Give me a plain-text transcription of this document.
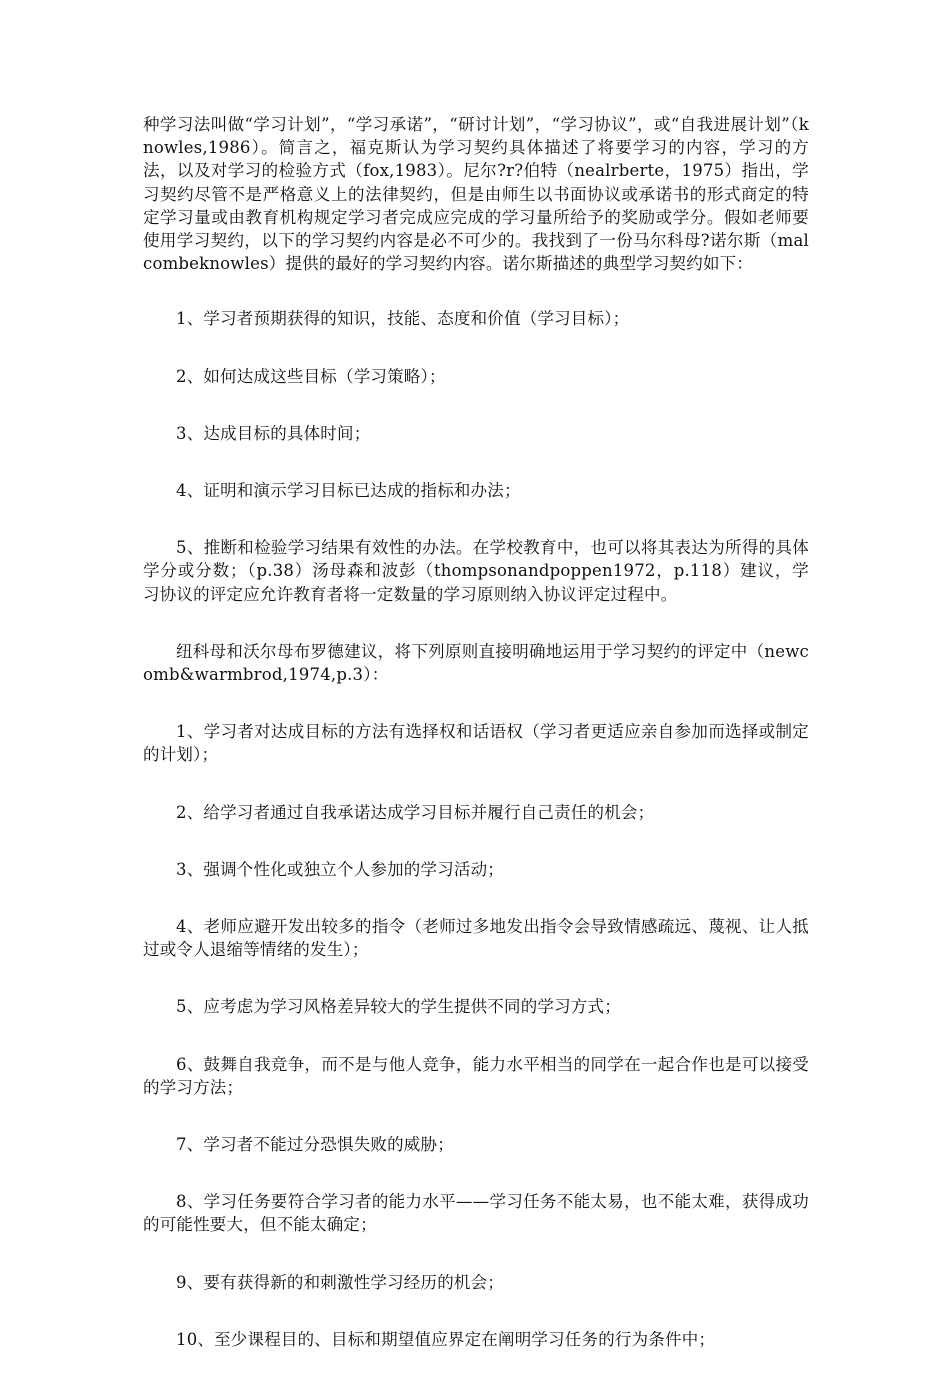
种学习法叫做“学习计划”，“学习承诺”，“研讨计划”，“学习协议”，或“自我进展计划”（knowles,1986）。简言之，福克斯认为学习契约具体描述了将要学习的内容，学习的方法，以及对学习的检验方式（fox,1983）。尼尔?r?伯特（nealrberte，1975）指出，学习契约尽管不是严格意义上的法律契约，但是由师生以书面协议或承诺书的形式商定的特定学习量或由教育机构规定学习者完成应完成的学习量所给予的奖励或学分。假如老师要使用学习契约，以下的学习契约内容是必不可少的。我找到了一份马尔科母?诺尔斯（malcombeknowles）提供的最好的学习契约内容。诺尔斯描述的典型学习契约如下：

1、学习者预期获得的知识，技能、态度和价值（学习目标）；

2、如何达成这些目标（学习策略）；

3、达成目标的具体时间；

4、证明和演示学习目标已达成的指标和办法；

5、推断和检验学习结果有效性的办法。在学校教育中，也可以将其表达为所得的具体学分或分数；（p.38）汤母森和波彭（thompsonandpoppen1972，p.118）建议，学习协议的评定应允许教育者将一定数量的学习原则纳入协议评定过程中。

纽科母和沃尔母布罗德建议，将下列原则直接明确地运用于学习契约的评定中（newcomb&warmbrod,1974,p.3）：

1、学习者对达成目标的方法有选择权和话语权（学习者更适应亲自参加而选择或制定的计划）；

2、给学习者通过自我承诺达成学习目标并履行自己责任的机会；

3、强调个性化或独立个人参加的学习活动；

4、老师应避开发出较多的指令（老师过多地发出指令会导致情感疏远、蔑视、让人抵过或令人退缩等情绪的发生）；

5、应考虑为学习风格差异较大的学生提供不同的学习方式；

6、鼓舞自我竞争，而不是与他人竞争，能力水平相当的同学在一起合作也是可以接受的学习方法；

7、学习者不能过分恐惧失败的威胁；

8、学习任务要符合学习者的能力水平——学习任务不能太易，也不能太难，获得成功的可能性要大，但不能太确定；

9、要有获得新的和刺激性学习经历的机会；

10、至少课程目的、目标和期望值应界定在阐明学习任务的行为条件中；
